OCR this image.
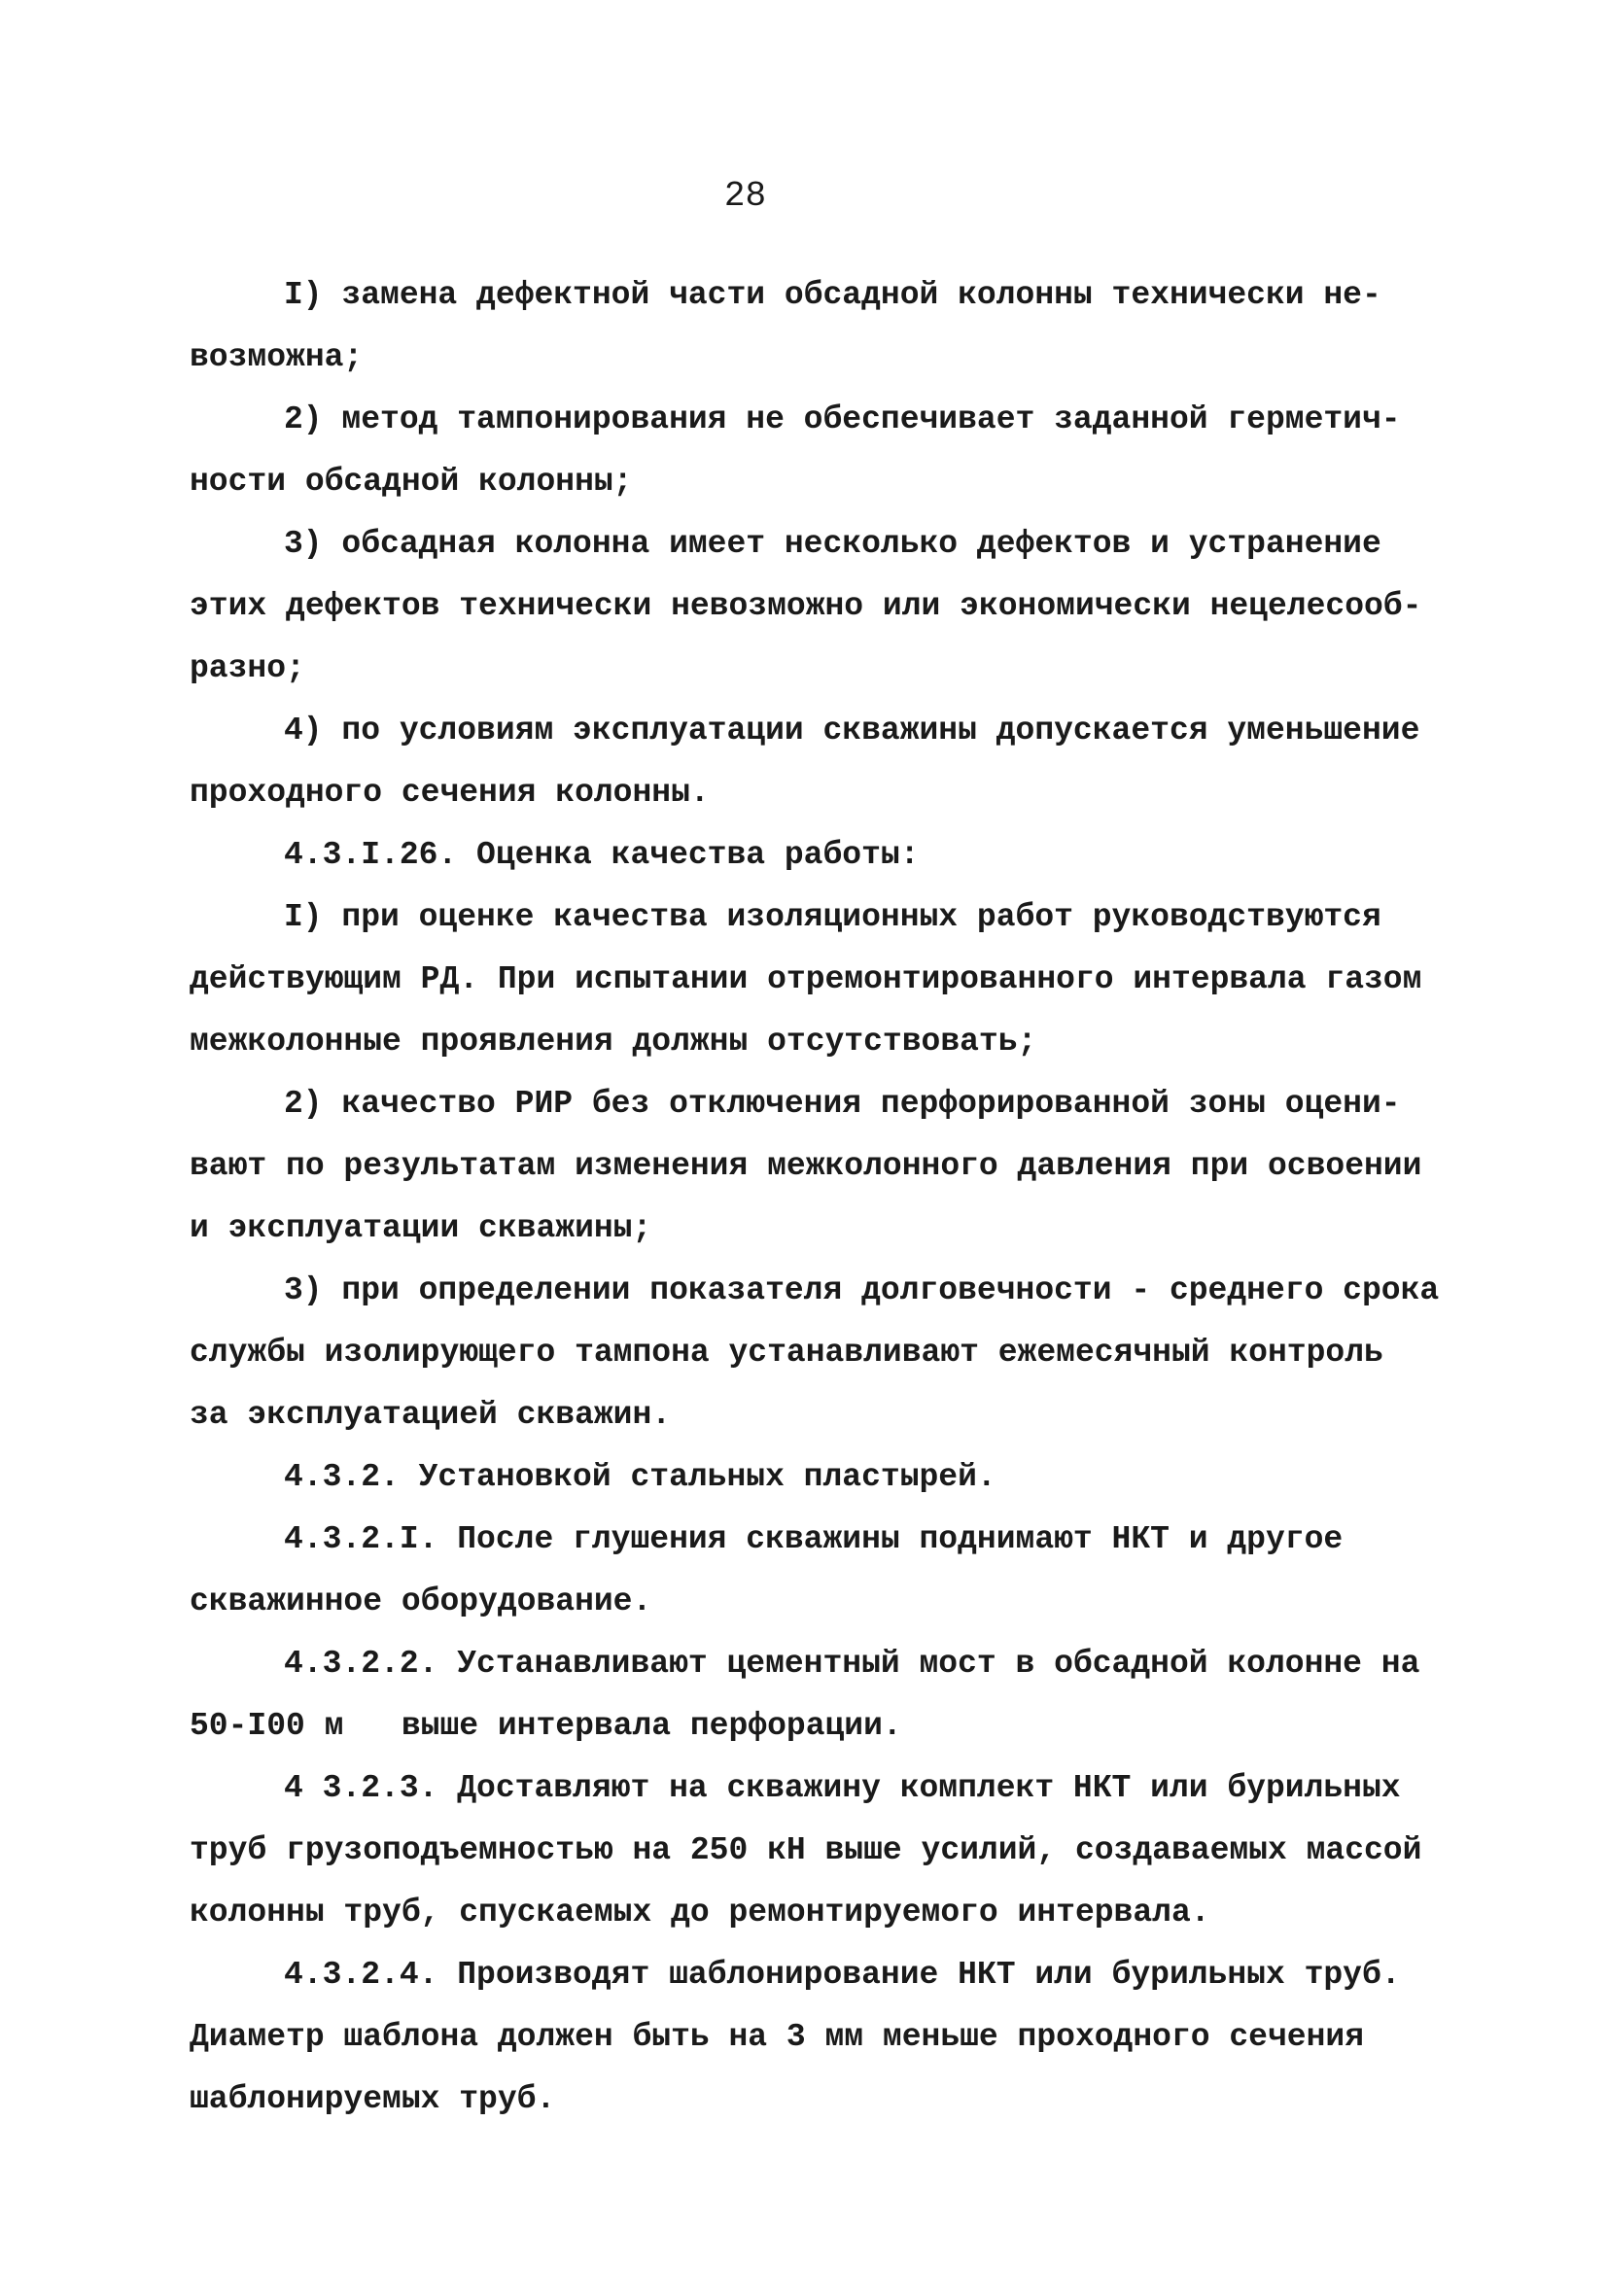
28
I) замена дефектной части обсадной колонны технически не-
возможна;
2) метод тампонирования не обеспечивает заданной герметич-
ности обсадной колонны;
3) обсадная колонна имеет несколько дефектов и устранение
этих дефектов технически невозможно или экономически нецелесооб-
разно;
4) по условиям эксплуатации скважины допускается уменьшение
проходного сечения колонны.
4.3.I.26. Оценка качества работы:
I) при оценке качества изоляционных работ руководствуются
действующим РД. При испытании отремонтированного интервала газом
межколонные проявления должны отсутствовать;
2) качество РИР без отключения перфорированной зоны оцени-
вают по результатам изменения межколонного давления при освоении
и эксплуатации скважины;
3) при определении показателя долговечности - среднего срока
службы изолирующего тампона устанавливают ежемесячный контроль
за эксплуатацией скважин.
4.3.2. Установкой стальных пластырей.
4.3.2.I. После глушения скважины поднимают НКТ и другое
скважинное оборудование.
4.3.2.2. Устанавливают цементный мост в обсадной колонне на
50-I00 м   выше интервала перфорации.
4 3.2.3. Доставляют на скважину комплект НКТ или бурильных
труб грузоподъемностью на 250 кН выше усилий, создаваемых массой
колонны труб, спускаемых до ремонтируемого интервала.
4.3.2.4. Производят шаблонирование НКТ или бурильных труб.
Диаметр шаблона должен быть на 3 мм меньше проходного сечения
шаблонируемых труб.
